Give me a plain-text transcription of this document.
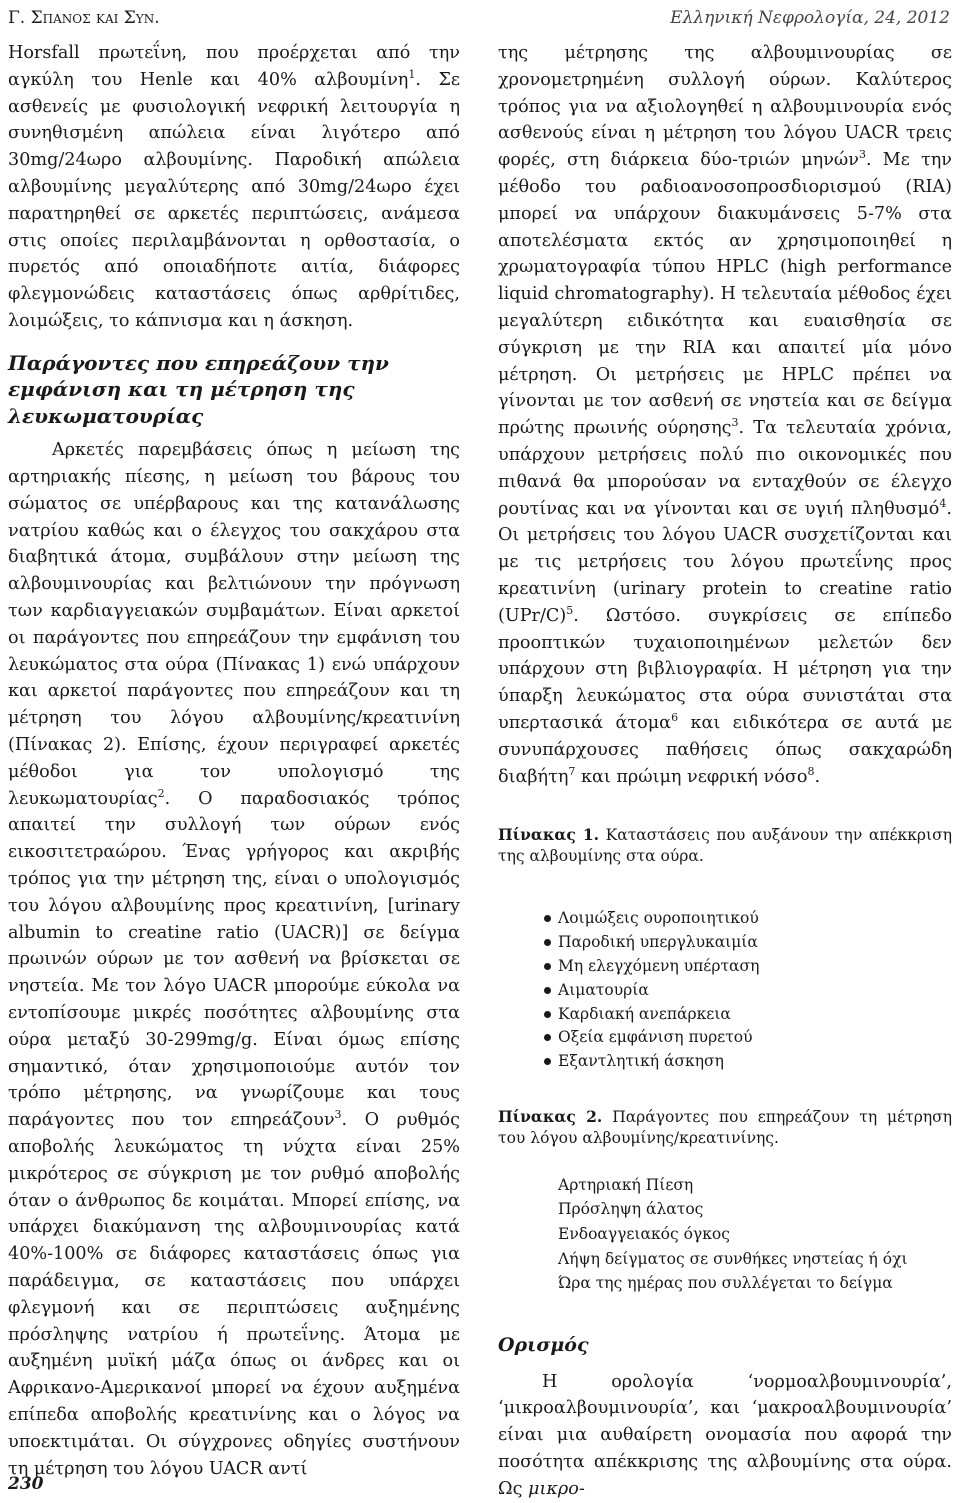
Γ. Σπανος και Συν.	Ελληνική Νεφρολογία, 24, 2012

Horsfall πρωτεΐνη, που προέρχεται από την αγκύλη του Henle και 40% αλβουμίνη$^1$. Σε ασθενείς με φυσιολογική νεφρική λειτουργία η συνηθισμένη απώλεια είναι λιγότερο από 30mg/24ωρο αλβουμίνης. Παροδική απώλεια αλβουμίνης μεγαλύτερης από 30mg/24ωρο έχει παρατηρηθεί σε αρκετές περιπτώσεις, ανάμεσα στις οποίες περιλαμβάνονται η ορθοστασία, ο πυρετός από οποιαδήποτε αιτία, διάφορες φλεγμονώδεις καταστάσεις όπως αρθρίτιδες, λοιμώξεις, το κάπνισμα και η άσκηση.

Παράγοντες που επηρεάζουν την εμφάνιση και τη μέτρηση της λευκωματουρίας

Αρκετές παρεμβάσεις όπως η μείωση της αρτηριακής πίεσης, η μείωση του βάρους του σώματος σε υπέρβαρους και της κατανάλωσης νατρίου καθώς και ο έλεγχος του σακχάρου στα διαβητικά άτομα, συμβάλουν στην μείωση της αλβουμινουρίας και βελτιώνουν την πρόγνωση των καρδιαγγειακών συμβαμάτων. Είναι αρκετοί οι παράγοντες που επηρεάζουν την εμφάνιση του λευκώματος στα ούρα (Πίνακας 1) ενώ υπάρχουν και αρκετοί παράγοντες που επηρεάζουν και τη μέτρηση του λόγου αλβουμίνης/κρεατινίνη (Πίνακας 2). Επίσης, έχουν περιγραφεί αρκετές μέθοδοι για τον υπολογισμό της λευκωματουρίας$^2$. Ο παραδοσιακός τρόπος απαιτεί την συλλογή των ούρων ενός εικοσιτετραώρου. Ένας γρήγορος και ακριβής τρόπος για την μέτρηση της, είναι ο υπολογισμός του λόγου αλβουμίνης προς κρεατινίνη, [urinary albumin to creatine ratio (UACR)] σε δείγμα πρωινών ούρων με τον ασθενή να βρίσκεται σε νηστεία. Με τον λόγο UACR μπορούμε εύκολα να εντοπίσουμε μικρές ποσότητες αλβουμίνης στα ούρα μεταξύ 30-299mg/g. Είναι όμως επίσης σημαντικό, όταν χρησιμοποιούμε αυτόν τον τρόπο μέτρησης, να γνωρίζουμε και τους παράγοντες που τον επηρεάζουν$^3$. Ο ρυθμός αποβολής λευκώματος τη νύχτα είναι 25% μικρότερος σε σύγκριση με τον ρυθμό αποβολής όταν ο άνθρωπος δε κοιμάται. Μπορεί επίσης, να υπάρχει διακύμανση της αλβουμινουρίας κατά 40%-100% σε διάφορες καταστάσεις όπως για παράδειγμα, σε καταστάσεις που υπάρχει φλεγμονή και σε περιπτώσεις αυξημένης πρόσληψης νατρίου ή πρωτεΐνης. Άτομα με αυξημένη μυϊκή μάζα όπως οι άνδρες και οι Αφρικανο-Αμερικανοί μπορεί να έχουν αυξημένα επίπεδα αποβολής κρεατινίνης και ο λόγος να υποεκτιμάται. Οι σύγχρονες οδηγίες συστήνουν τη μέτρηση του λόγου UACR αντί

της μέτρησης της αλβουμινουρίας σε χρονομετρημένη συλλογή ούρων. Καλύτερος τρόπος για να αξιολογηθεί η αλβουμινουρία ενός ασθενούς είναι η μέτρηση του λόγου UACR τρεις φορές, στη διάρκεια δύο-τριών μηνών$^3$. Με την μέθοδο του ραδιοανοσοπροσδιορισμού (RIA) μπορεί να υπάρχουν διακυμάνσεις 5-7% στα αποτελέσματα εκτός αν χρησιμοποιηθεί η χρωματογραφία τύπου HPLC (high performance liquid chromatography). Η τελευταία μέθοδος έχει μεγαλύτερη ειδικότητα και ευαισθησία σε σύγκριση με την RIA και απαιτεί μία μόνο μέτρηση. Οι μετρήσεις με HPLC πρέπει να γίνονται με τον ασθενή σε νηστεία και σε δείγμα πρώτης πρωινής ούρησης$^3$. Τα τελευταία χρόνια, υπάρχουν μετρήσεις πολύ πιο οικονομικές που πιθανά θα μπορούσαν να ενταχθούν σε έλεγχο ρουτίνας και να γίνονται και σε υγιή πληθυσμό$^4$. Οι μετρήσεις του λόγου UACR συσχετίζονται και με τις μετρήσεις του λόγου πρωτεΐνης προς κρεατινίνη (urinary protein to creatine ratio $(UPr/C)^5$. Ωστόσο. συγκρίσεις σε επίπεδο προοπτικών τυχαιοποιημένων μελετών δεν υπάρχουν στη βιβλιογραφία. Η μέτρηση για την ύπαρξη λευκώματος στα ούρα συνιστάται στα υπερτασικά άτομα$^6$ και ειδικότερα σε αυτά με συνυπάρχουσες παθήσεις όπως σακχαρώδη διαβήτη$^7$ και πρώιμη νεφρική νόσο$^8$.

Πίνακας 1. Καταστάσεις που αυξάνουν την απέκκριση της αλβουμίνης στα ούρα.

Λοιμώξεις ουροποιητικού
Παροδική υπεργλυκαιμία
Μη ελεγχόμενη υπέρταση
Αιματουρία
Καρδιακή ανεπάρκεια
Οξεία εμφάνιση πυρετού
Εξαντλητική άσκηση

Πίνακας 2. Παράγοντες που επηρεάζουν τη μέτρηση του λόγου αλβουμίνης/κρεατινίνης.

Αρτηριακή Πίεση
Πρόσληψη άλατος
Ενδοαγγειακός όγκος
Λήψη δείγματος σε συνθήκες νηστείας ή όχι
Ώρα της ημέρας που συλλέγεται το δείγμα
Ορισμός

Η ορολογία ‘νορμοαλβουμινουρία’, ‘μικροαλβουμινουρία’, και ‘μακροαλβουμινουρία’ είναι μια αυθαίρετη ονομασία που αφορά την ποσότητα απέκκρισης της αλβουμίνης στα ούρα. Ως μικρο-

230
